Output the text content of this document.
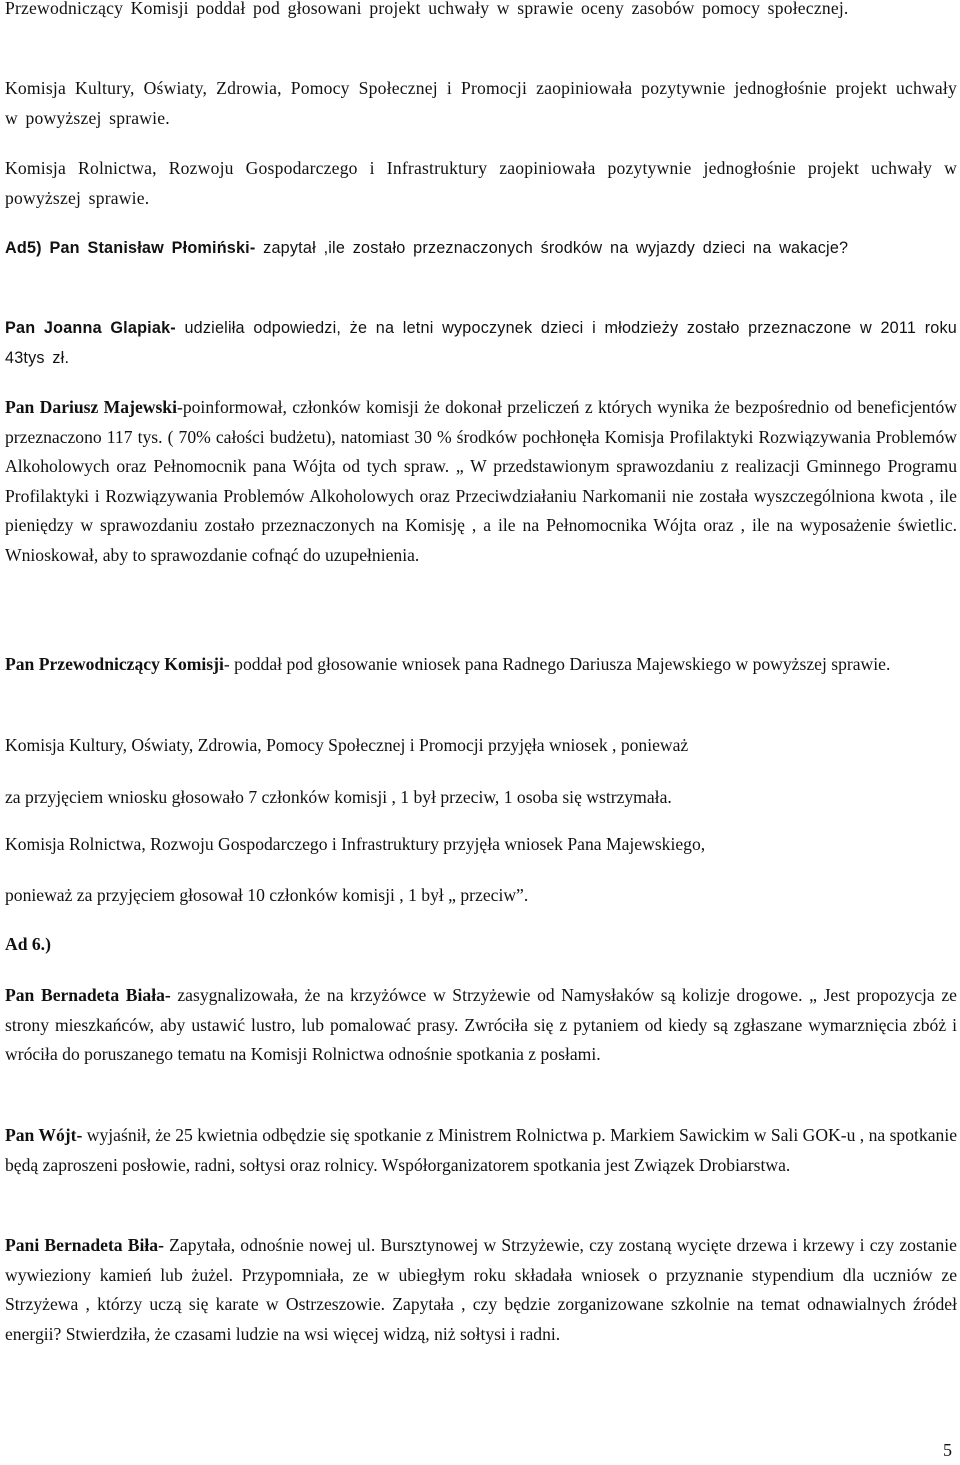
Przewodniczący Komisji poddał pod głosowani projekt uchwały w sprawie oceny zasobów pomocy społecznej.

Komisja Kultury, Oświaty, Zdrowia, Pomocy Społecznej i Promocji zaopiniowała pozytywnie jednogłośnie projekt uchwały w powyższej sprawie.

Komisja Rolnictwa, Rozwoju Gospodarczego i Infrastruktury zaopiniowała pozytywnie jednogłośnie projekt uchwały w powyższej sprawie.

Ad5) Pan Stanisław Płomiński- zapytał ,ile zostało przeznaczonych środków na wyjazdy dzieci na wakacje?

Pan Joanna Glapiak- udzieliła odpowiedzi, że na letni wypoczynek dzieci i młodzieży zostało przeznaczone w 2011 roku 43tys zł.

Pan Dariusz Majewski-poinformował, członków komisji że dokonał przeliczeń z których wynika że bezpośrednio od beneficjentów przeznaczono 117 tys. ( 70% całości budżetu), natomiast 30 % środków pochłonęła Komisja Profilaktyki Rozwiązywania Problemów Alkoholowych oraz Pełnomocnik pana Wójta od tych spraw. „ W przedstawionym sprawozdaniu z realizacji Gminnego Programu Profilaktyki i Rozwiązywania Problemów Alkoholowych oraz Przeciwdziałaniu Narkomanii nie została wyszczególniona kwota , ile pieniędzy w sprawozdaniu zostało przeznaczonych na Komisję , a ile na Pełnomocnika Wójta oraz , ile na wyposażenie świetlic. Wnioskował, aby to sprawozdanie cofnąć do uzupełnienia.

Pan Przewodniczący Komisji- poddał pod głosowanie wniosek pana Radnego Dariusza Majewskiego w powyższej sprawie.

Komisja Kultury, Oświaty, Zdrowia, Pomocy Społecznej i Promocji przyjęła wniosek , ponieważ

za przyjęciem wniosku głosowało 7 członków komisji , 1 był przeciw, 1 osoba się wstrzymała.

Komisja Rolnictwa, Rozwoju Gospodarczego i Infrastruktury przyjęła wniosek Pana Majewskiego,

ponieważ za przyjęciem głosował 10 członków komisji , 1 był „ przeciw”.

Ad 6.)

Pan Bernadeta Biała- zasygnalizowała, że na krzyżówce w Strzyżewie od Namysłaków są kolizje drogowe. „ Jest propozycja ze strony mieszkańców, aby ustawić lustro, lub pomalować prasy. Zwróciła się z pytaniem od kiedy są zgłaszane wymarznięcia zbóż i wróciła do poruszanego tematu na Komisji Rolnictwa odnośnie spotkania z posłami.

Pan Wójt- wyjaśnił, że 25 kwietnia odbędzie się spotkanie z Ministrem Rolnictwa p. Markiem Sawickim w Sali GOK-u , na spotkanie będą zaproszeni posłowie, radni, sołtysi oraz rolnicy. Współorganizatorem spotkania jest Związek Drobiarstwa.

Pani Bernadeta Biła- Zapytała, odnośnie nowej ul. Bursztynowej w Strzyżewie, czy zostaną wycięte drzewa i krzewy i czy zostanie wywieziony kamień lub żużel. Przypomniała, ze w ubiegłym roku składała wniosek o przyznanie stypendium dla uczniów ze Strzyżewa , którzy uczą się karate w Ostrzeszowie. Zapytała , czy będzie zorganizowane szkolnie na temat odnawialnych źródeł energii? Stwierdziła, że czasami ludzie na wsi więcej widzą, niż sołtysi i radni.

5
